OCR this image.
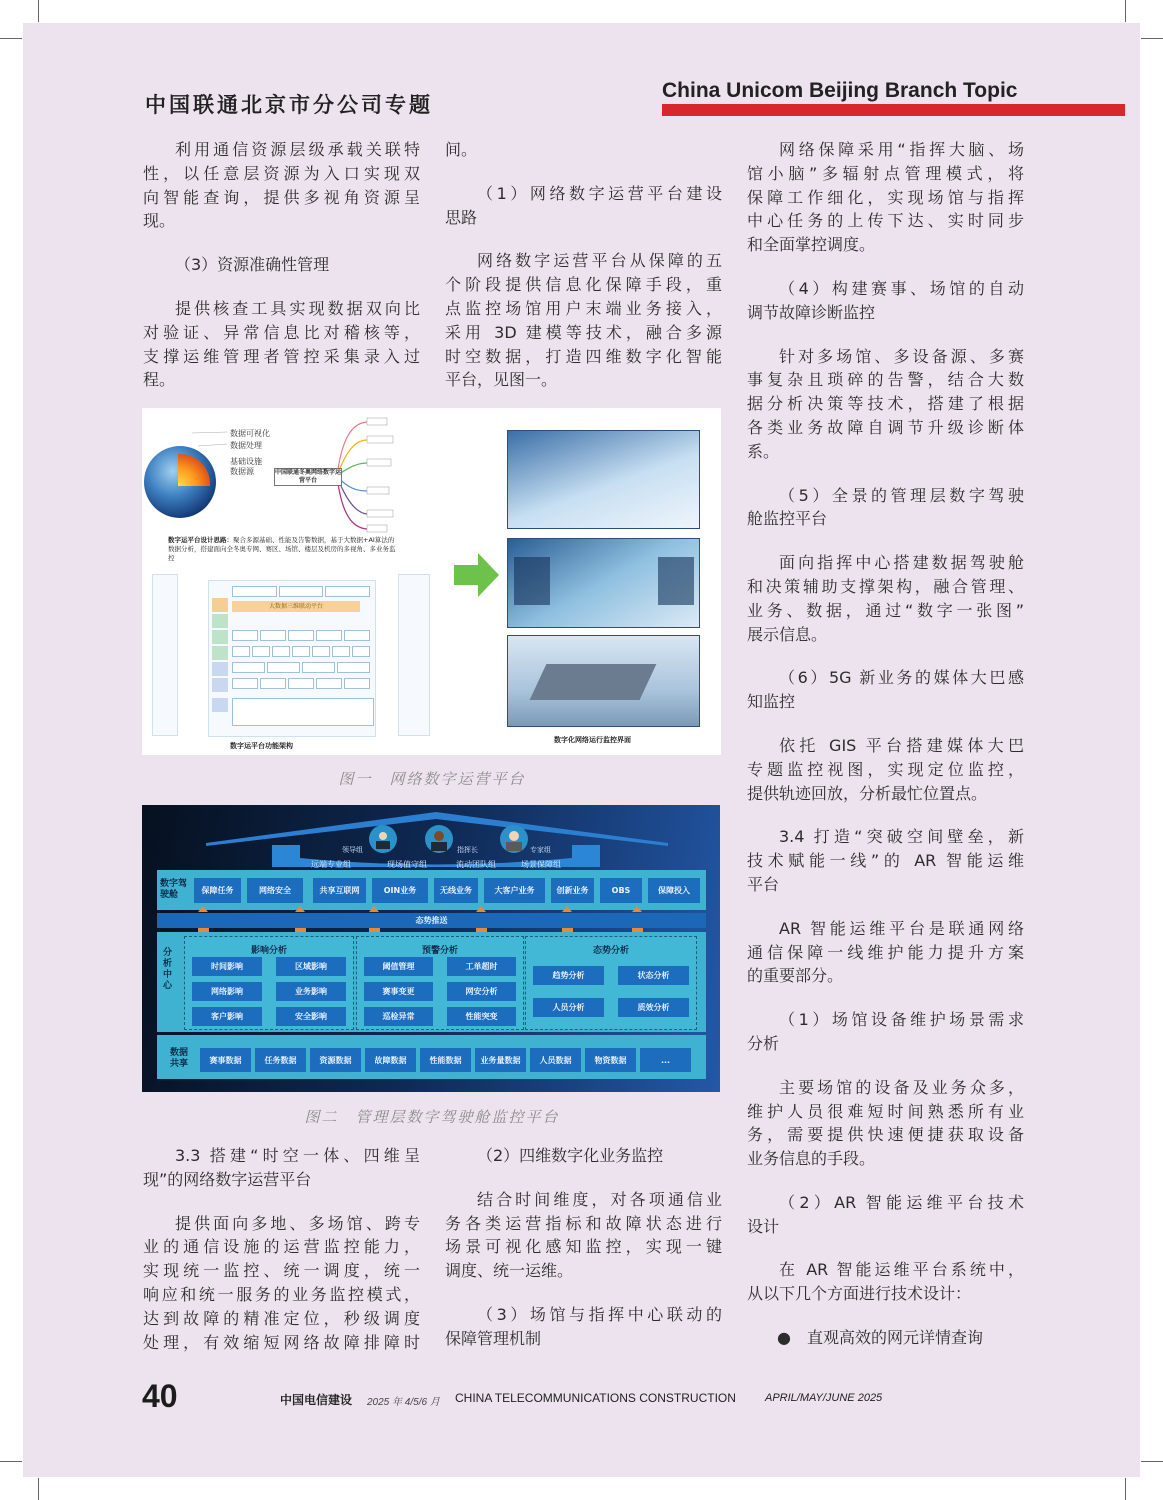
中国联通北京市分公司专题
China Unicom Beijing Branch Topic
利用通信资源层级承载关联特
性，以任意层资源为入口实现双
向智能查询，提供多视角资源呈
现。
（3）资源准确性管理
提供核查工具实现数据双向比
对验证、异常信息比对稽核等，
支撑运维管理者管控采集录入过
程。
间。
（1）网络数字运营平台建设
思路
网络数字运营平台从保障的五
个阶段提供信息化保障手段，重
点监控场馆用户末端业务接入，
采用 3D 建模等技术，融合多源
时空数据，打造四维数字化智能
平台，见图一。
网络保障采用“指挥大脑、场
馆小脑”多辐射点管理模式，将
保障工作细化，实现场馆与指挥
中心任务的上传下达、实时同步
和全面掌控调度。
（4）构建赛事、场馆的自动
调节故障诊断监控
针对多场馆、多设备源、多赛
事复杂且琐碎的告警，结合大数
据分析决策等技术，搭建了根据
各类业务故障自调节升级诊断体
系。
（5）全景的管理层数字驾驶
舱监控平台
面向指挥中心搭建数据驾驶舱
和决策辅助支撑架构，融合管理、
业务、数据，通过“数字一张图”
展示信息。
（6）5G 新业务的媒体大巴感
知监控
依托 GIS 平台搭建媒体大巴
专题监控视图，实现定位监控，
提供轨迹回放，分析最忙位置点。
3.4 打造“突破空间壁垒，新
技术赋能一线”的 AR 智能运维
平台
AR 智能运维平台是联通网络
通信保障一线维护能力提升方案
的重要部分。
（1）场馆设备维护场景需求
分析
主要场馆的设备及业务众多，
维护人员很难短时间熟悉所有业
务，需要提供快速便捷获取设备
业务信息的手段。
（2）AR 智能运维平台技术
设计
在 AR 智能运维平台系统中，
从以下几个方面进行技术设计：
●　直观高效的网元详情查询
3.3 搭建“时空一体、四维呈
现”的网络数字运营平台
提供面向多地、多场馆、跨专
业的通信设施的运营监控能力，
实现统一监控、统一调度，统一
响应和统一服务的业务监控模式，
达到故障的精准定位，秒级调度
处理，有效缩短网络故障排障时
（2）四维数字化业务监控
结合时间维度，对各项通信业
务各类运营指标和故障状态进行
场景可视化感知监控，实现一键
调度、统一运维。
（3）场馆与指挥中心联动的
保障管理机制
数据可视化
数据处理
基础设施
数据源	中国联通冬奥网络数字运营平台
数字运平台设计思路：聚合多源基础、性能及告警数据，基于大数据+AI算法的数据分析，搭建面向全冬奥专网、赛区、场馆、楼层及机房的多视角、多业务监控
大数据三维联动平台
数字运平台功能架构
数字化网络运行监控界面
图一　网络数字运营平台
领导组	指挥长	专家组
远端专业组	现场值守组	流动团队组	场景保障组
数字驾驶舱	保障任务	网络安全	共享互联网	OIN业务	无线业务	大客户业务	创新业务	OBS	保障投入
态势推送
分析中心
影响分析
时间影响	区域影响
网络影响	业务影响
客户影响	安全影响
预警分析
阈值管理	工单超时
赛事变更	网安分析
巡检异常	性能突变
态势分析
趋势分析	状态分析
人员分析	质效分析
数据共享	赛事数据	任务数据	资源数据	故障数据	性能数据	业务量数据	人员数据	物资数据	...
图二　管理层数字驾驶舱监控平台
40	中国电信建设 2025 年 4/5/6 月 CHINA TELECOMMUNICATIONS CONSTRUCTION	APRIL/MAY/JUNE 2025
